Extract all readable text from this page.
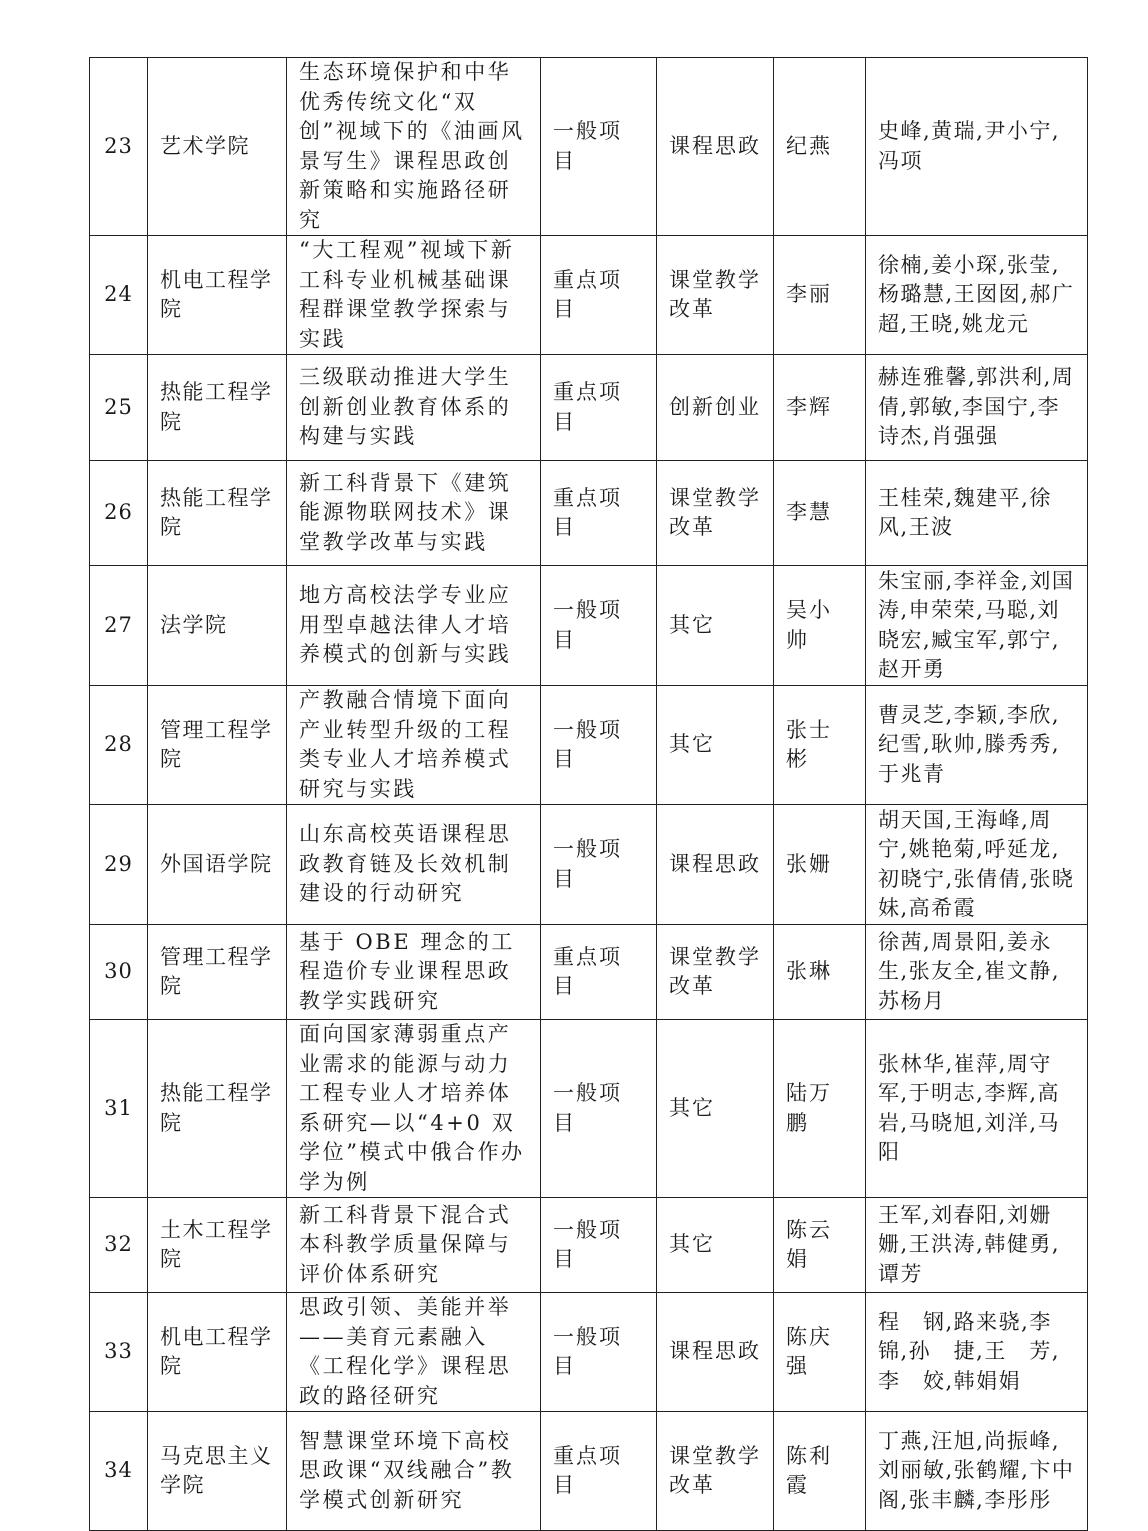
23	艺术学院	生态环境保护和中华优秀传统文化“双创”视域下的《油画风景写生》课程思政创新策略和实施路径研究	一般项目	课程思政	纪燕	史峰,黄瑞,尹小宁,冯项
24	机电工程学院	“大工程观”视域下新工科专业机械基础课程群课堂教学探索与实践	重点项目	课堂教学改革	李丽	徐楠,姜小琛,张莹,杨璐慧,王囡囡,郝广超,王晓,姚龙元
25	热能工程学院	三级联动推进大学生创新创业教育体系的构建与实践	重点项目	创新创业	李辉	赫连雅馨,郭洪利,周倩,郭敏,李国宁,李诗杰,肖强强
26	热能工程学院	新工科背景下《建筑能源物联网技术》课堂教学改革与实践	重点项目	课堂教学改革	李慧	王桂荣,魏建平,徐风,王波
27	法学院	地方高校法学专业应用型卓越法律人才培养模式的创新与实践	一般项目	其它	吴小帅	朱宝丽,李祥金,刘国涛,申荣荣,马聪,刘晓宏,臧宝军,郭宁,赵开勇
28	管理工程学院	产教融合情境下面向产业转型升级的工程类专业人才培养模式研究与实践	一般项目	其它	张士彬	曹灵芝,李颖,李欣,纪雪,耿帅,滕秀秀,于兆青
29	外国语学院	山东高校英语课程思政教育链及长效机制建设的行动研究	一般项目	课程思政	张姗	胡天国,王海峰,周宁,姚艳菊,呼延龙,初晓宁,张倩倩,张晓妹,高希霞
30	管理工程学院	基于 OBE 理念的工程造价专业课程思政教学实践研究	重点项目	课堂教学改革	张琳	徐茜,周景阳,姜永生,张友全,崔文静,苏杨月
31	热能工程学院	面向国家薄弱重点产业需求的能源与动力工程专业人才培养体系研究—以“4+0 双学位”模式中俄合作办学为例	一般项目	其它	陆万鹏	张林华,崔萍,周守军,于明志,李辉,高岩,马晓旭,刘洋,马阳
32	土木工程学院	新工科背景下混合式本科教学质量保障与评价体系研究	一般项目	其它	陈云娟	王军,刘春阳,刘姗姗,王洪涛,韩健勇,谭芳
33	机电工程学院	思政引领、美能并举——美育元素融入《工程化学》课程思政的路径研究	一般项目	课程思政	陈庆强	程　钢,路来骁,李锦,孙　捷,王　芳,李　姣,韩娟娟
34	马克思主义学院	智慧课堂环境下高校思政课“双线融合”教学模式创新研究	重点项目	课堂教学改革	陈利霞	丁燕,汪旭,尚振峰,刘丽敏,张鹤耀,卞中阁,张丰麟,李彤彤
